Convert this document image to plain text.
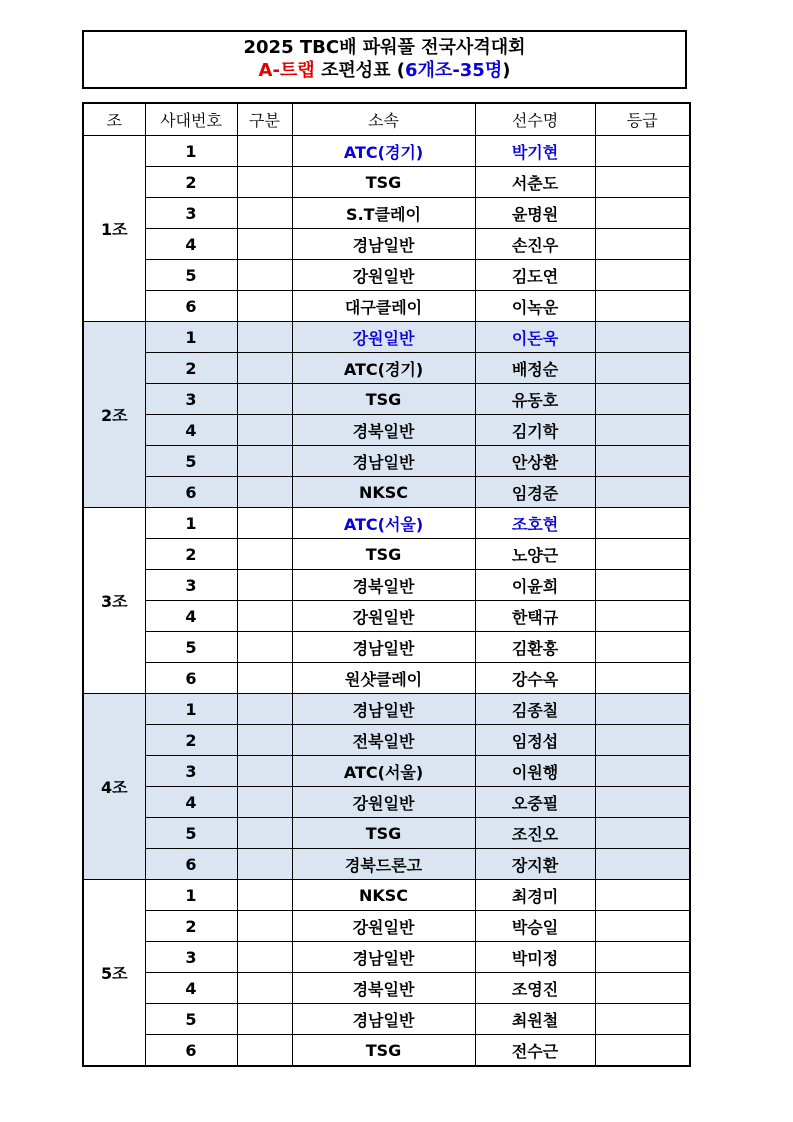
2025 TBC배 파워풀 전국사격대회
A-트랩 조편성표 (6개조-35명)
조	사대번호	구분	소속	선수명	등급
1조	1		ATC(경기)	박기현	
	2		TSG	서춘도	
	3		S.T클레이	윤명원	
	4		경남일반	손진우	
	5		강원일반	김도연	
	6		대구클레이	이녹운	
2조	1		강원일반	이돈욱	
	2		ATC(경기)	배정순	
	3		TSG	유동호	
	4		경북일반	김기학	
	5		경남일반	안상환	
	6		NKSC	임경준	
3조	1		ATC(서울)	조호현	
	2		TSG	노양근	
	3		경북일반	이윤희	
	4		강원일반	한택규	
	5		경남일반	김환홍	
	6		원샷클레이	강수옥	
4조	1		경남일반	김종칠	
	2		전북일반	임정섭	
	3		ATC(서울)	이원행	
	4		강원일반	오중필	
	5		TSG	조진오	
	6		경북드론고	장지환	
5조	1		NKSC	최경미	
	2		강원일반	박승일	
	3		경남일반	박미정	
	4		경북일반	조영진	
	5		경남일반	최원철	
	6		TSG	전수근	
